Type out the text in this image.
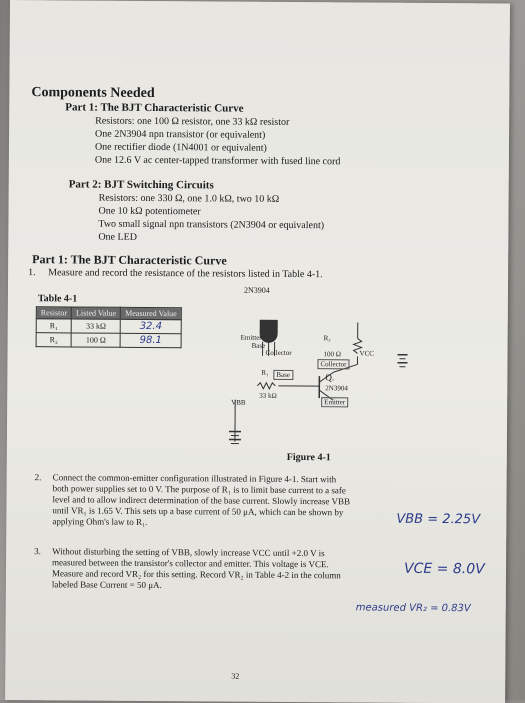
Components Needed
Part 1: The BJT Characteristic Curve
Resistors: one 100 Ω resistor, one 33 kΩ resistor
One 2N3904 npn transistor (or equivalent)
One rectifier diode (1N4001 or equivalent)
One 12.6 V ac center-tapped transformer with fused line cord
Part 2: BJT Switching Circuits
Resistors: one 330 Ω, one 1.0 kΩ, two 10 kΩ
One 10 kΩ potentiometer
Two small signal npn transistors (2N3904 or equivalent)
One LED
Part 1: The BJT Characteristic Curve
1. Measure and record the resistance of the resistors listed in Table 4-1.
Table 4-1
Resistor	Listed Value	Measured Value
R₁	33 kΩ	32.4
R₂	100 Ω	98.1
2N3904
Emitter
Base
Collector
R₂
100 Ω
Collector
VCC
R₁	Base
33 kΩ
Q.
2N3904
Emitter
VBB
Figure 4-1
2. Connect the common-emitter configuration illustrated in Figure 4-1. Start with
both power supplies set to 0 V. The purpose of R₁ is to limit base current to a safe
level and to allow indirect determination of the base current. Slowly increase VBB
until VR₁ is 1.65 V. This sets up a base current of 50 μA, which can be shown by
applying Ohm's law to R₁.	VBB = 2.25V
3. Without disturbing the setting of VBB, slowly increase VCC until +2.0 V is
measured between the transistor's collector and emitter. This voltage is VCE.
Measure and record VR₂ for this setting. Record VR₂ in Table 4-2 in the column
labeled Base Current = 50 μA.
VCE = 8.0V
measured VR₂ = 0.83V
32
